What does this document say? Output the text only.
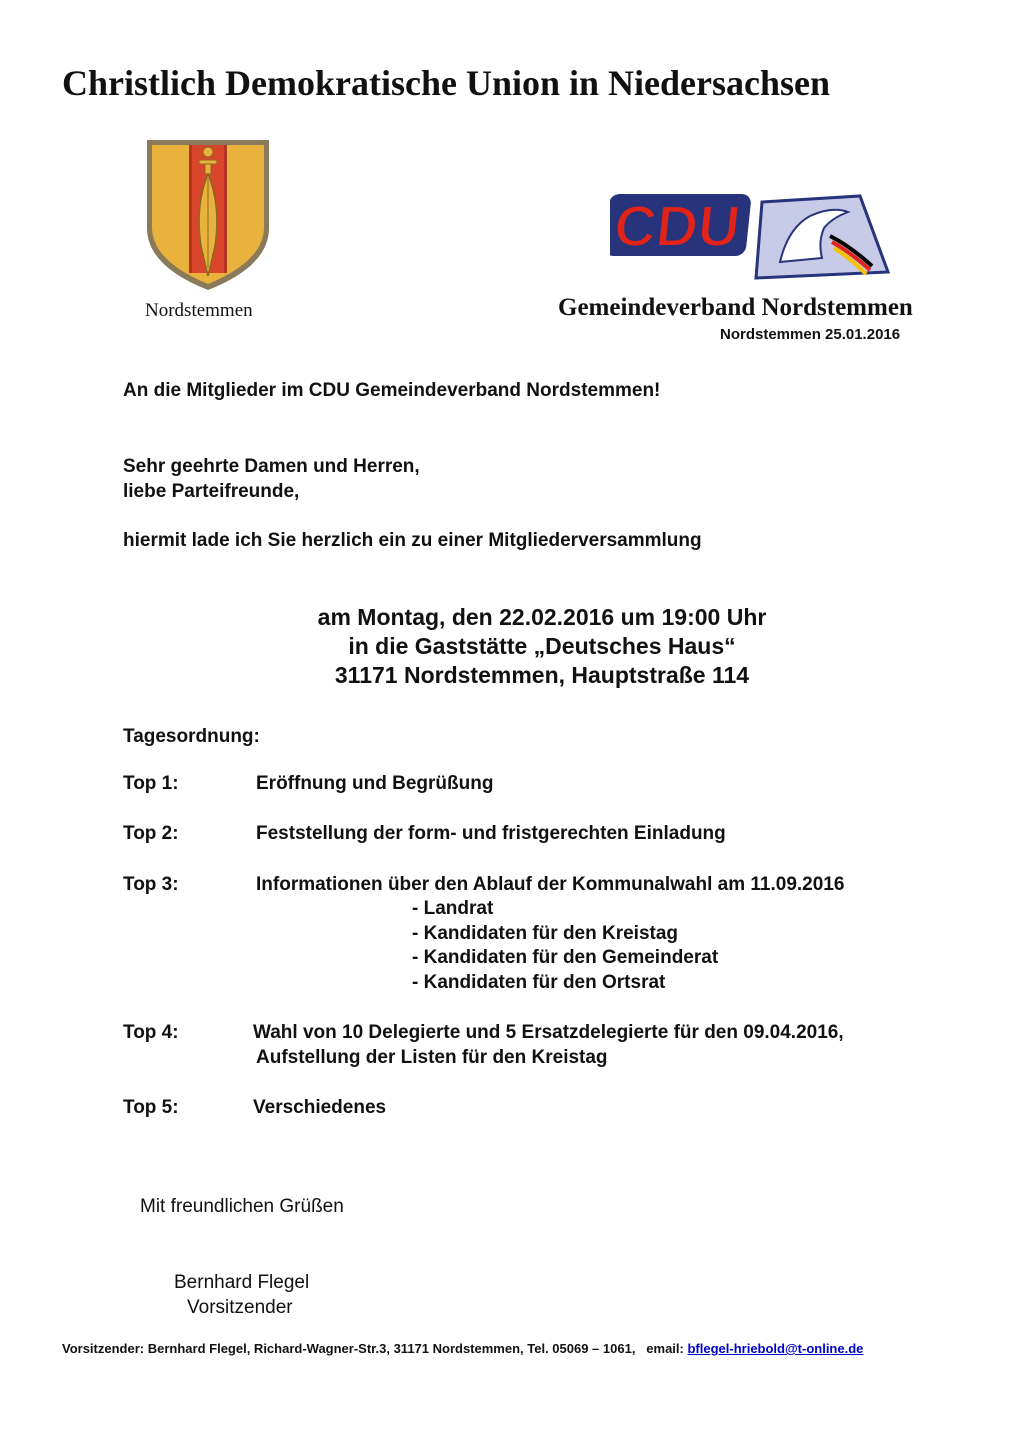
Christlich Demokratische Union in Niedersachsen
Nordstemmen
CDU
Gemeindeverband Nordstemmen
Nordstemmen 25.01.2016
An die Mitglieder im CDU Gemeindeverband Nordstemmen!
Sehr geehrte Damen und Herren,
liebe Parteifreunde,
hiermit lade ich Sie herzlich ein zu einer Mitgliederversammlung
am Montag, den 22.02.2016 um 19:00 Uhr
in die Gaststätte „Deutsches Haus“
31171 Nordstemmen, Hauptstraße 114
Tagesordnung:
Top 1:	Eröffnung und Begrüßung
Top 2:	Feststellung der form- und fristgerechten Einladung
Top 3:	Informationen über den Ablauf der Kommunalwahl am 11.09.2016
- Landrat
- Kandidaten für den Kreistag
- Kandidaten für den Gemeinderat
- Kandidaten für den Ortsrat
Top 4:	Wahl von 10 Delegierte und 5 Ersatzdelegierte für den 09.04.2016,
Aufstellung der Listen für den Kreistag
Top 5:	Verschiedenes
Mit freundlichen Grüßen
Bernhard Flegel
Vorsitzender
Vorsitzender: Bernhard Flegel, Richard-Wagner-Str.3, 31171 Nordstemmen, Tel. 05069 – 1061, email: bflegel-hriebold@t-online.de
